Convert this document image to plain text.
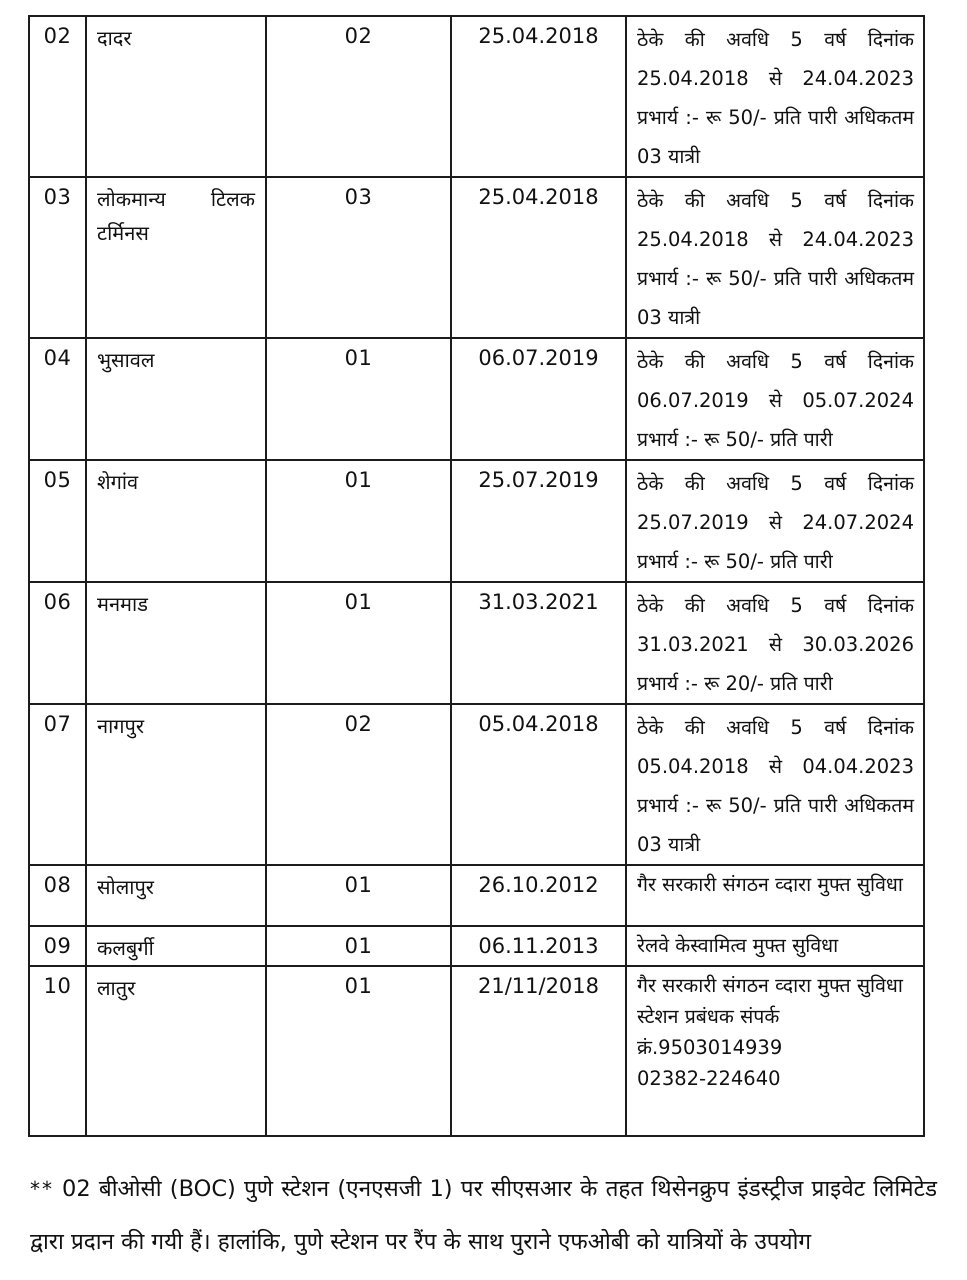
02	दादर	02	25.04.2018	ठेके की अवधि 5 वर्ष दिनांक 25.04.2018 से 24.04.2023 प्रभार्य :- रू 50/- प्रति पारी अधिकतम 03 यात्री

03	लोकमान्य टिलक टर्मिनस	03	25.04.2018	ठेके की अवधि 5 वर्ष दिनांक 25.04.2018 से 24.04.2023 प्रभार्य :- रू 50/- प्रति पारी अधिकतम 03 यात्री

04	भुसावल	01	06.07.2019	ठेके की अवधि 5 वर्ष दिनांक 06.07.2019 से 05.07.2024 प्रभार्य :- रू 50/- प्रति पारी

05	शेगांव	01	25.07.2019	ठेके की अवधि 5 वर्ष दिनांक 25.07.2019 से 24.07.2024 प्रभार्य :- रू 50/- प्रति पारी

06	मनमाड	01	31.03.2021	ठेके की अवधि 5 वर्ष दिनांक 31.03.2021 से 30.03.2026 प्रभार्य :- रू 20/- प्रति पारी

07	नागपुर	02	05.04.2018	ठेके की अवधि 5 वर्ष दिनांक 05.04.2018 से 04.04.2023 प्रभार्य :- रू 50/- प्रति पारी अधिकतम 03 यात्री

08	सोलापुर	01	26.10.2012	गैर सरकारी संगठन व्दारा मुफ्त सुविधा

09	कलबुर्गी	01	06.11.2013	रेलवे केस्वामित्व मुफ्त सुविधा

10	लातुर	01	21/11/2018	गैर सरकारी संगठन व्दारा मुफ्त सुविधा
स्टेशन प्रबंधक संपर्क
क्रं.9503014939
02382-224640

** 02 बीओसी (BOC) पुणे स्टेशन (एनएसजी 1) पर सीएसआर के तहत थिसेनक्रुप इंडस्ट्रीज प्राइवेट लिमिटेड द्वारा प्रदान की गयी हैं। हालांकि, पुणे स्टेशन पर रैंप के साथ पुराने एफओबी को यात्रियों के उपयोग
